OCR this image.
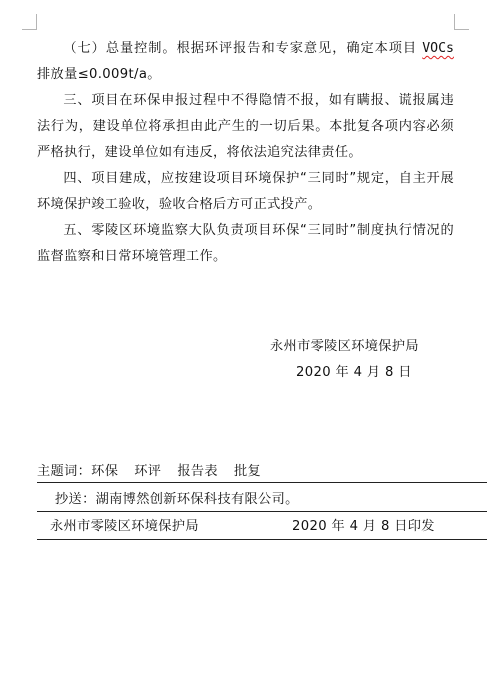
（七）总量控制。根据环评报告和专家意见，确定本项目 VOCs 排放量≤0.009t/a。

三、项目在环保申报过程中不得隐情不报，如有瞒报、谎报属违法行为，建设单位将承担由此产生的一切后果。本批复各项内容必须严格执行，建设单位如有违反，将依法追究法律责任。

四、项目建成，应按建设项目环境保护“三同时”规定，自主开展环境保护竣工验收，验收合格后方可正式投产。

五、零陵区环境监察大队负责项目环保“三同时”制度执行情况的监督监察和日常环境管理工作。

永州市零陵区环境保护局
2020 年 4 月 8 日
主题词：环保 环评 报告表 批复
抄送：湖南博然创新环保科技有限公司。
永州市零陵区环境保护局	2020 年 4 月 8 日印发
